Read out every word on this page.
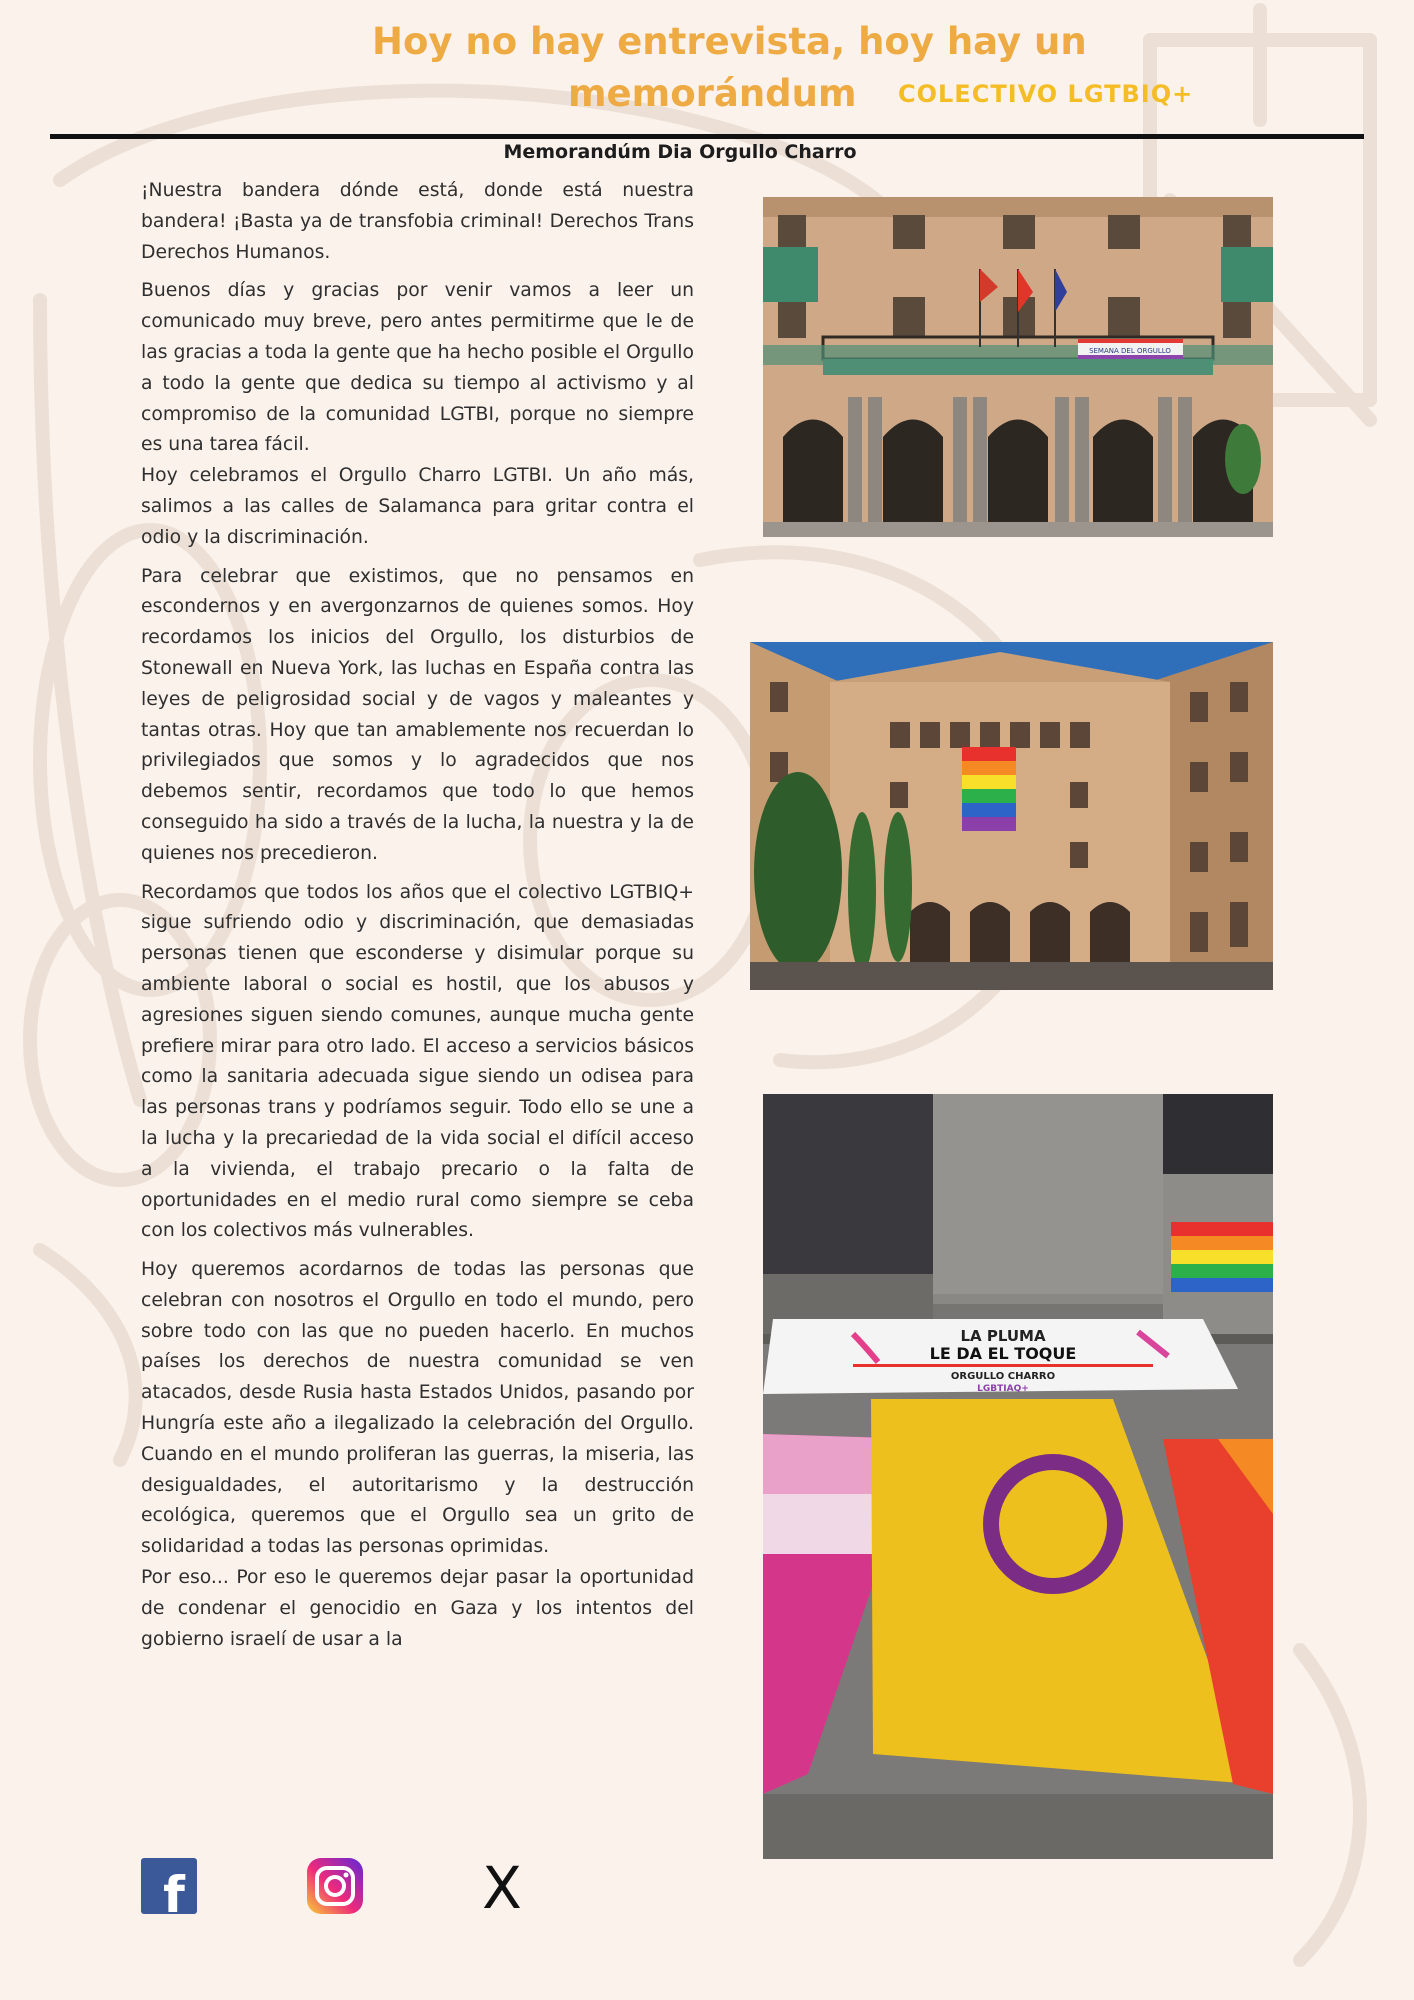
Hoy no hay entrevista, hoy hay un
memorándum COLECTIVO LGTBIQ+
Memorandúm Dia Orgullo Charro

¡Nuestra bandera dónde está, donde está nuestra bandera! ¡Basta ya de transfobia criminal! Derechos Trans Derechos Humanos.

Buenos días y gracias por venir vamos a leer un comunicado muy breve, pero antes permitirme que le de las gracias a toda la gente que ha hecho posible el Orgullo a todo la gente que dedica su tiempo al activismo y al compromiso de la comunidad LGTBI, porque no siempre es una tarea fácil.

Hoy celebramos el Orgullo Charro LGTBI. Un año más, salimos a las calles de Salamanca para gritar contra el odio y la discriminación.

Para celebrar que existimos, que no pensamos en escondernos y en avergonzarnos de quienes somos. Hoy recordamos los inicios del Orgullo, los disturbios de Stonewall en Nueva York, las luchas en España contra las leyes de peligrosidad social y de vagos y maleantes y tantas otras. Hoy que tan amablemente nos recuerdan lo privilegiados que somos y lo agradecidos que nos debemos sentir, recordamos que todo lo que hemos conseguido ha sido a través de la lucha, la nuestra y la de quienes nos precedieron.

Recordamos que todos los años que el colectivo LGTBIQ+ sigue sufriendo odio y discriminación, que demasiadas personas tienen que esconderse y disimular porque su ambiente laboral o social es hostil, que los abusos y agresiones siguen siendo comunes, aunque mucha gente prefiere mirar para otro lado. El acceso a servicios básicos como la sanitaria adecuada sigue siendo un odisea para las personas trans y podríamos seguir. Todo ello se une a la lucha y la precariedad de la vida social el difícil acceso a la vivienda, el trabajo precario o la falta de oportunidades en el medio rural como siempre se ceba con los colectivos más vulnerables.

Hoy queremos acordarnos de todas las personas que celebran con nosotros el Orgullo en todo el mundo, pero sobre todo con las que no pueden hacerlo. En muchos países los derechos de nuestra comunidad se ven atacados, desde Rusia hasta Estados Unidos, pasando por Hungría este año a ilegalizado la celebración del Orgullo. Cuando en el mundo proliferan las guerras, la miseria, las desigualdades, el autoritarismo y la destrucción ecológica, queremos que el Orgullo sea un grito de solidaridad a todas las personas oprimidas.

Por eso... Por eso le queremos dejar pasar la oportunidad de condenar el genocidio en Gaza y los intentos del gobierno israelí de usar a la

SEMANA DEL ORGULLO
LA PLUMA
LE DA EL TOQUE
ORGULLO CHARRO
LGBTIAQ+
f	X
